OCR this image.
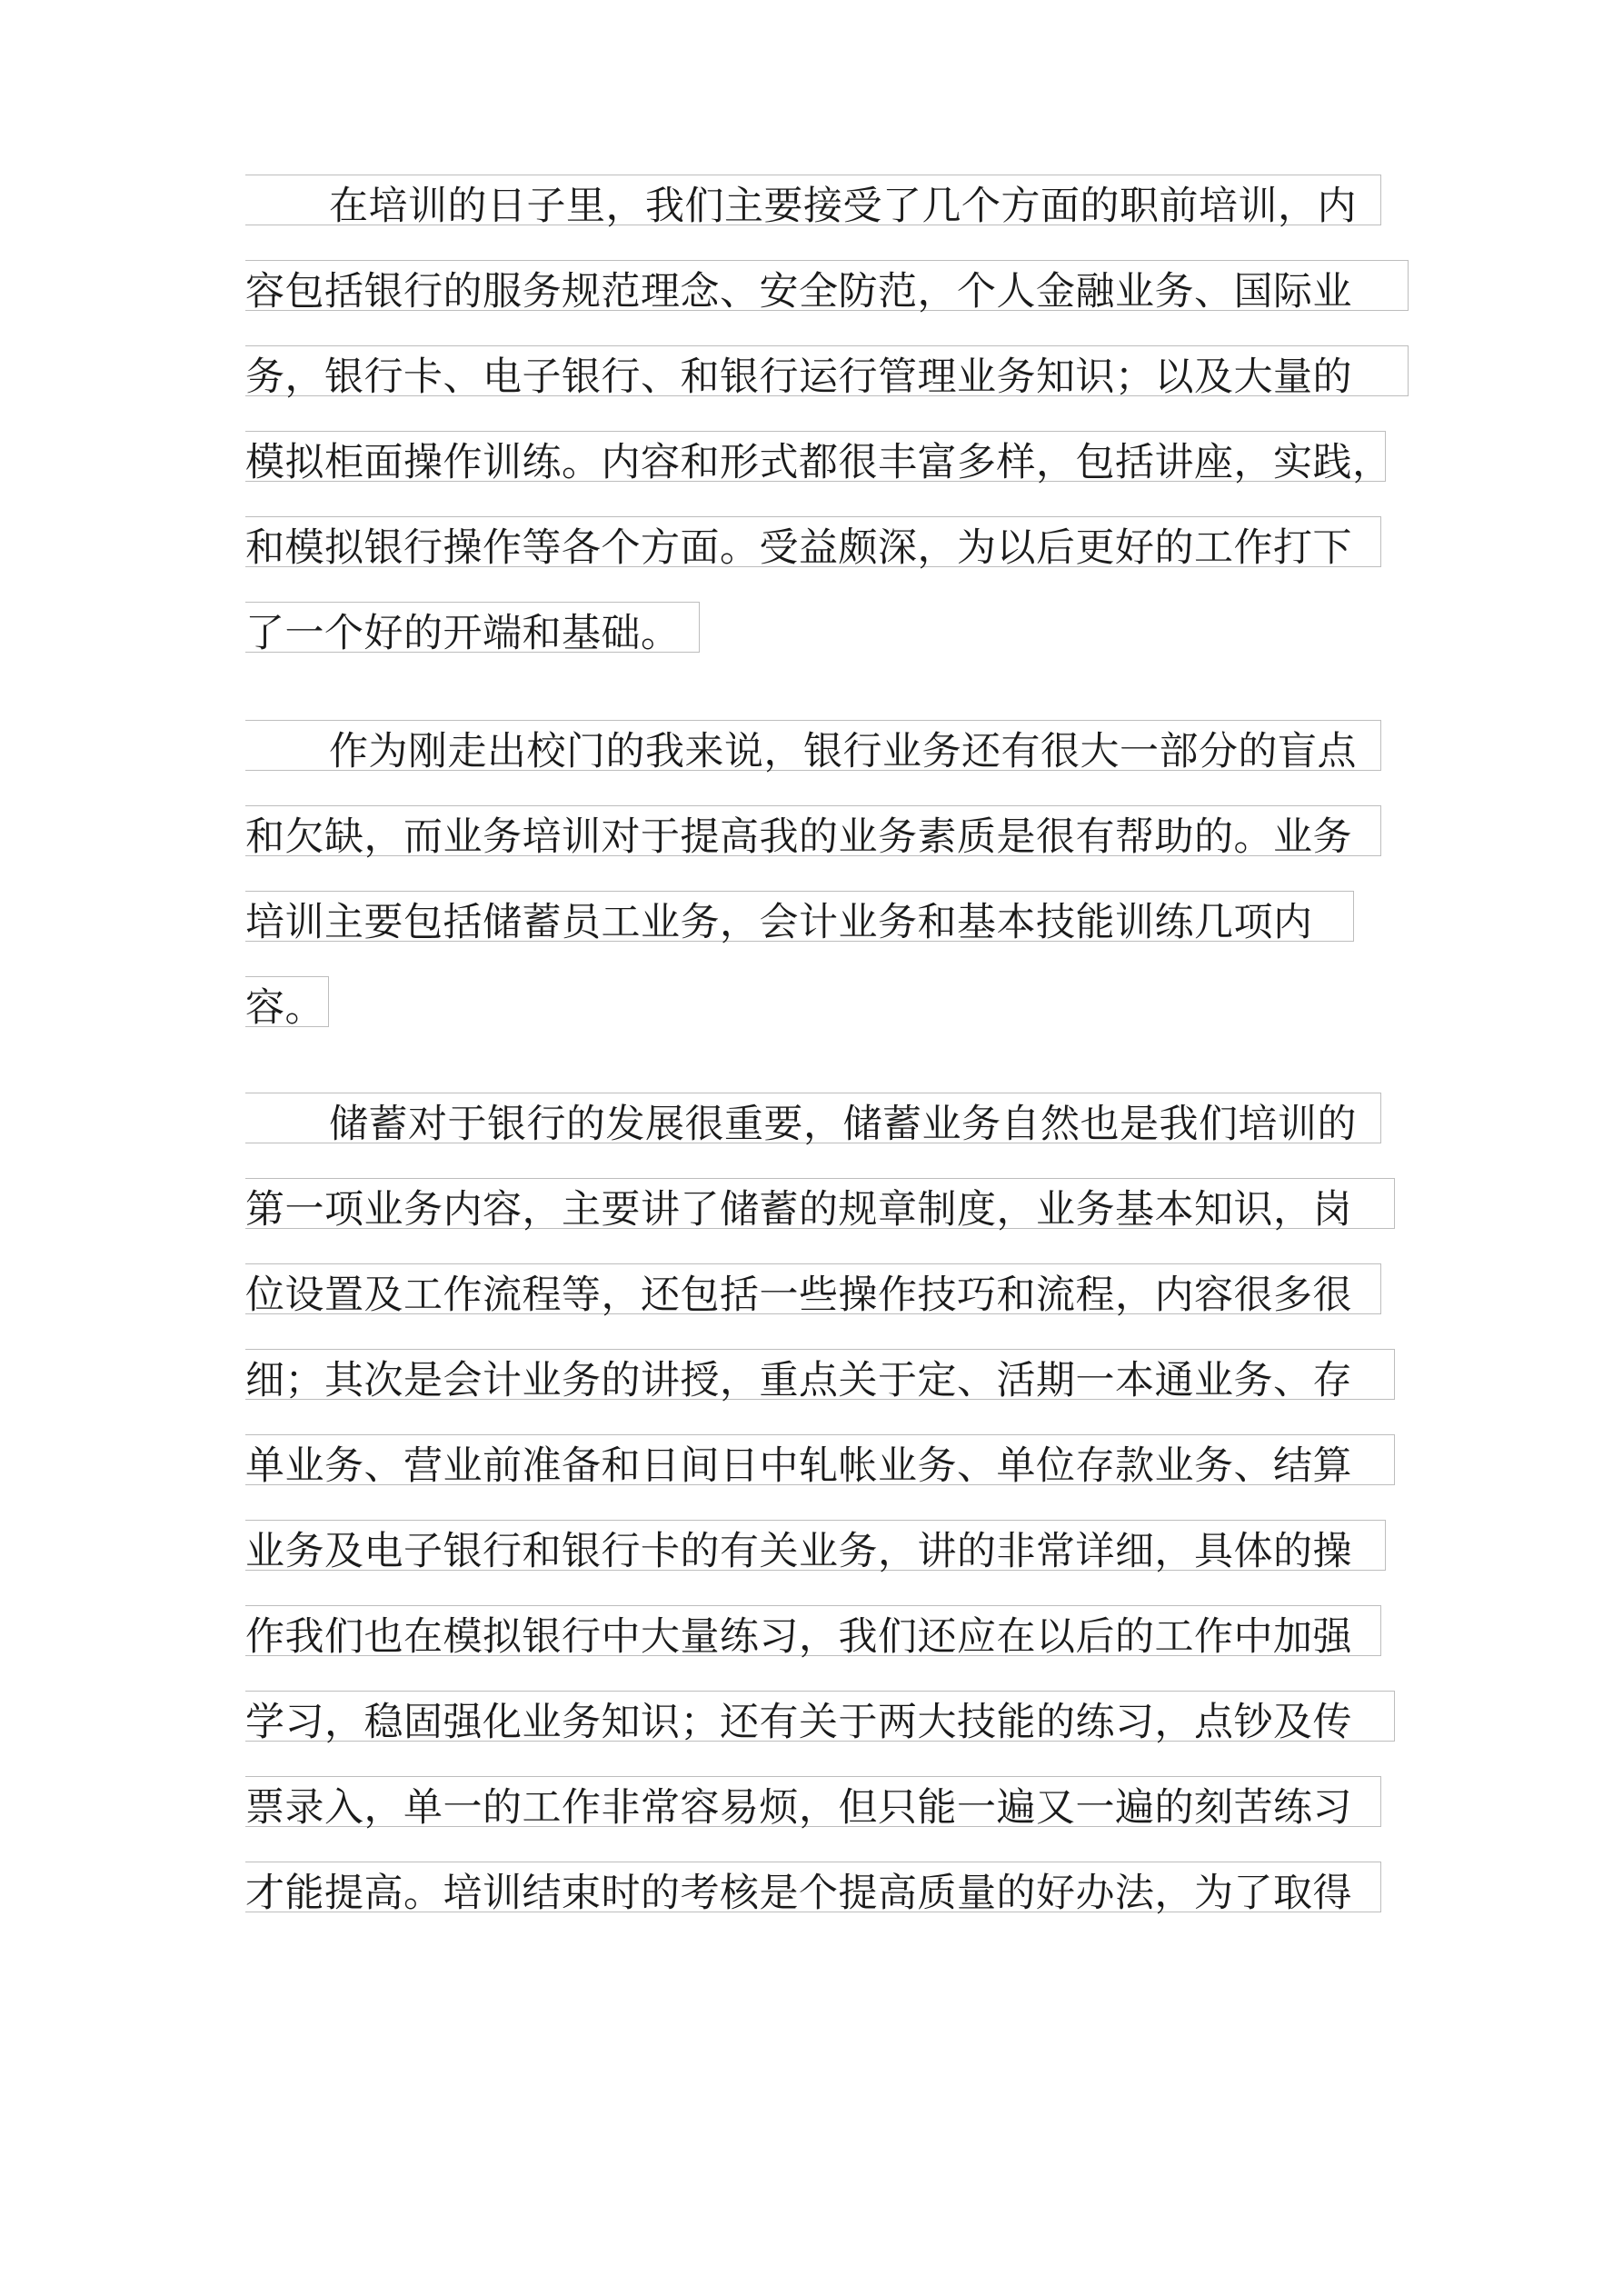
在培训的日子里，我们主要接受了几个方面的职前培训，内
容包括银行的服务规范理念、安全防范，个人金融业务、国际业
务，银行卡、电子银行、和银行运行管理业务知识；以及大量的
模拟柜面操作训练。内容和形式都很丰富多样，包括讲座，实践，
和模拟银行操作等各个方面。受益颇深，为以后更好的工作打下
了一个好的开端和基础。
作为刚走出校门的我来说，银行业务还有很大一部分的盲点
和欠缺，而业务培训对于提高我的业务素质是很有帮助的。业务
培训主要包括储蓄员工业务，会计业务和基本技能训练几项内
容。
储蓄对于银行的发展很重要，储蓄业务自然也是我们培训的
第一项业务内容，主要讲了储蓄的规章制度，业务基本知识，岗
位设置及工作流程等，还包括一些操作技巧和流程，内容很多很
细；其次是会计业务的讲授，重点关于定、活期一本通业务、存
单业务、营业前准备和日间日中轧帐业务、单位存款业务、结算
业务及电子银行和银行卡的有关业务，讲的非常详细，具体的操
作我们也在模拟银行中大量练习，我们还应在以后的工作中加强
学习，稳固强化业务知识；还有关于两大技能的练习，点钞及传
票录入，单一的工作非常容易烦，但只能一遍又一遍的刻苦练习
才能提高。培训结束时的考核是个提高质量的好办法，为了取得
